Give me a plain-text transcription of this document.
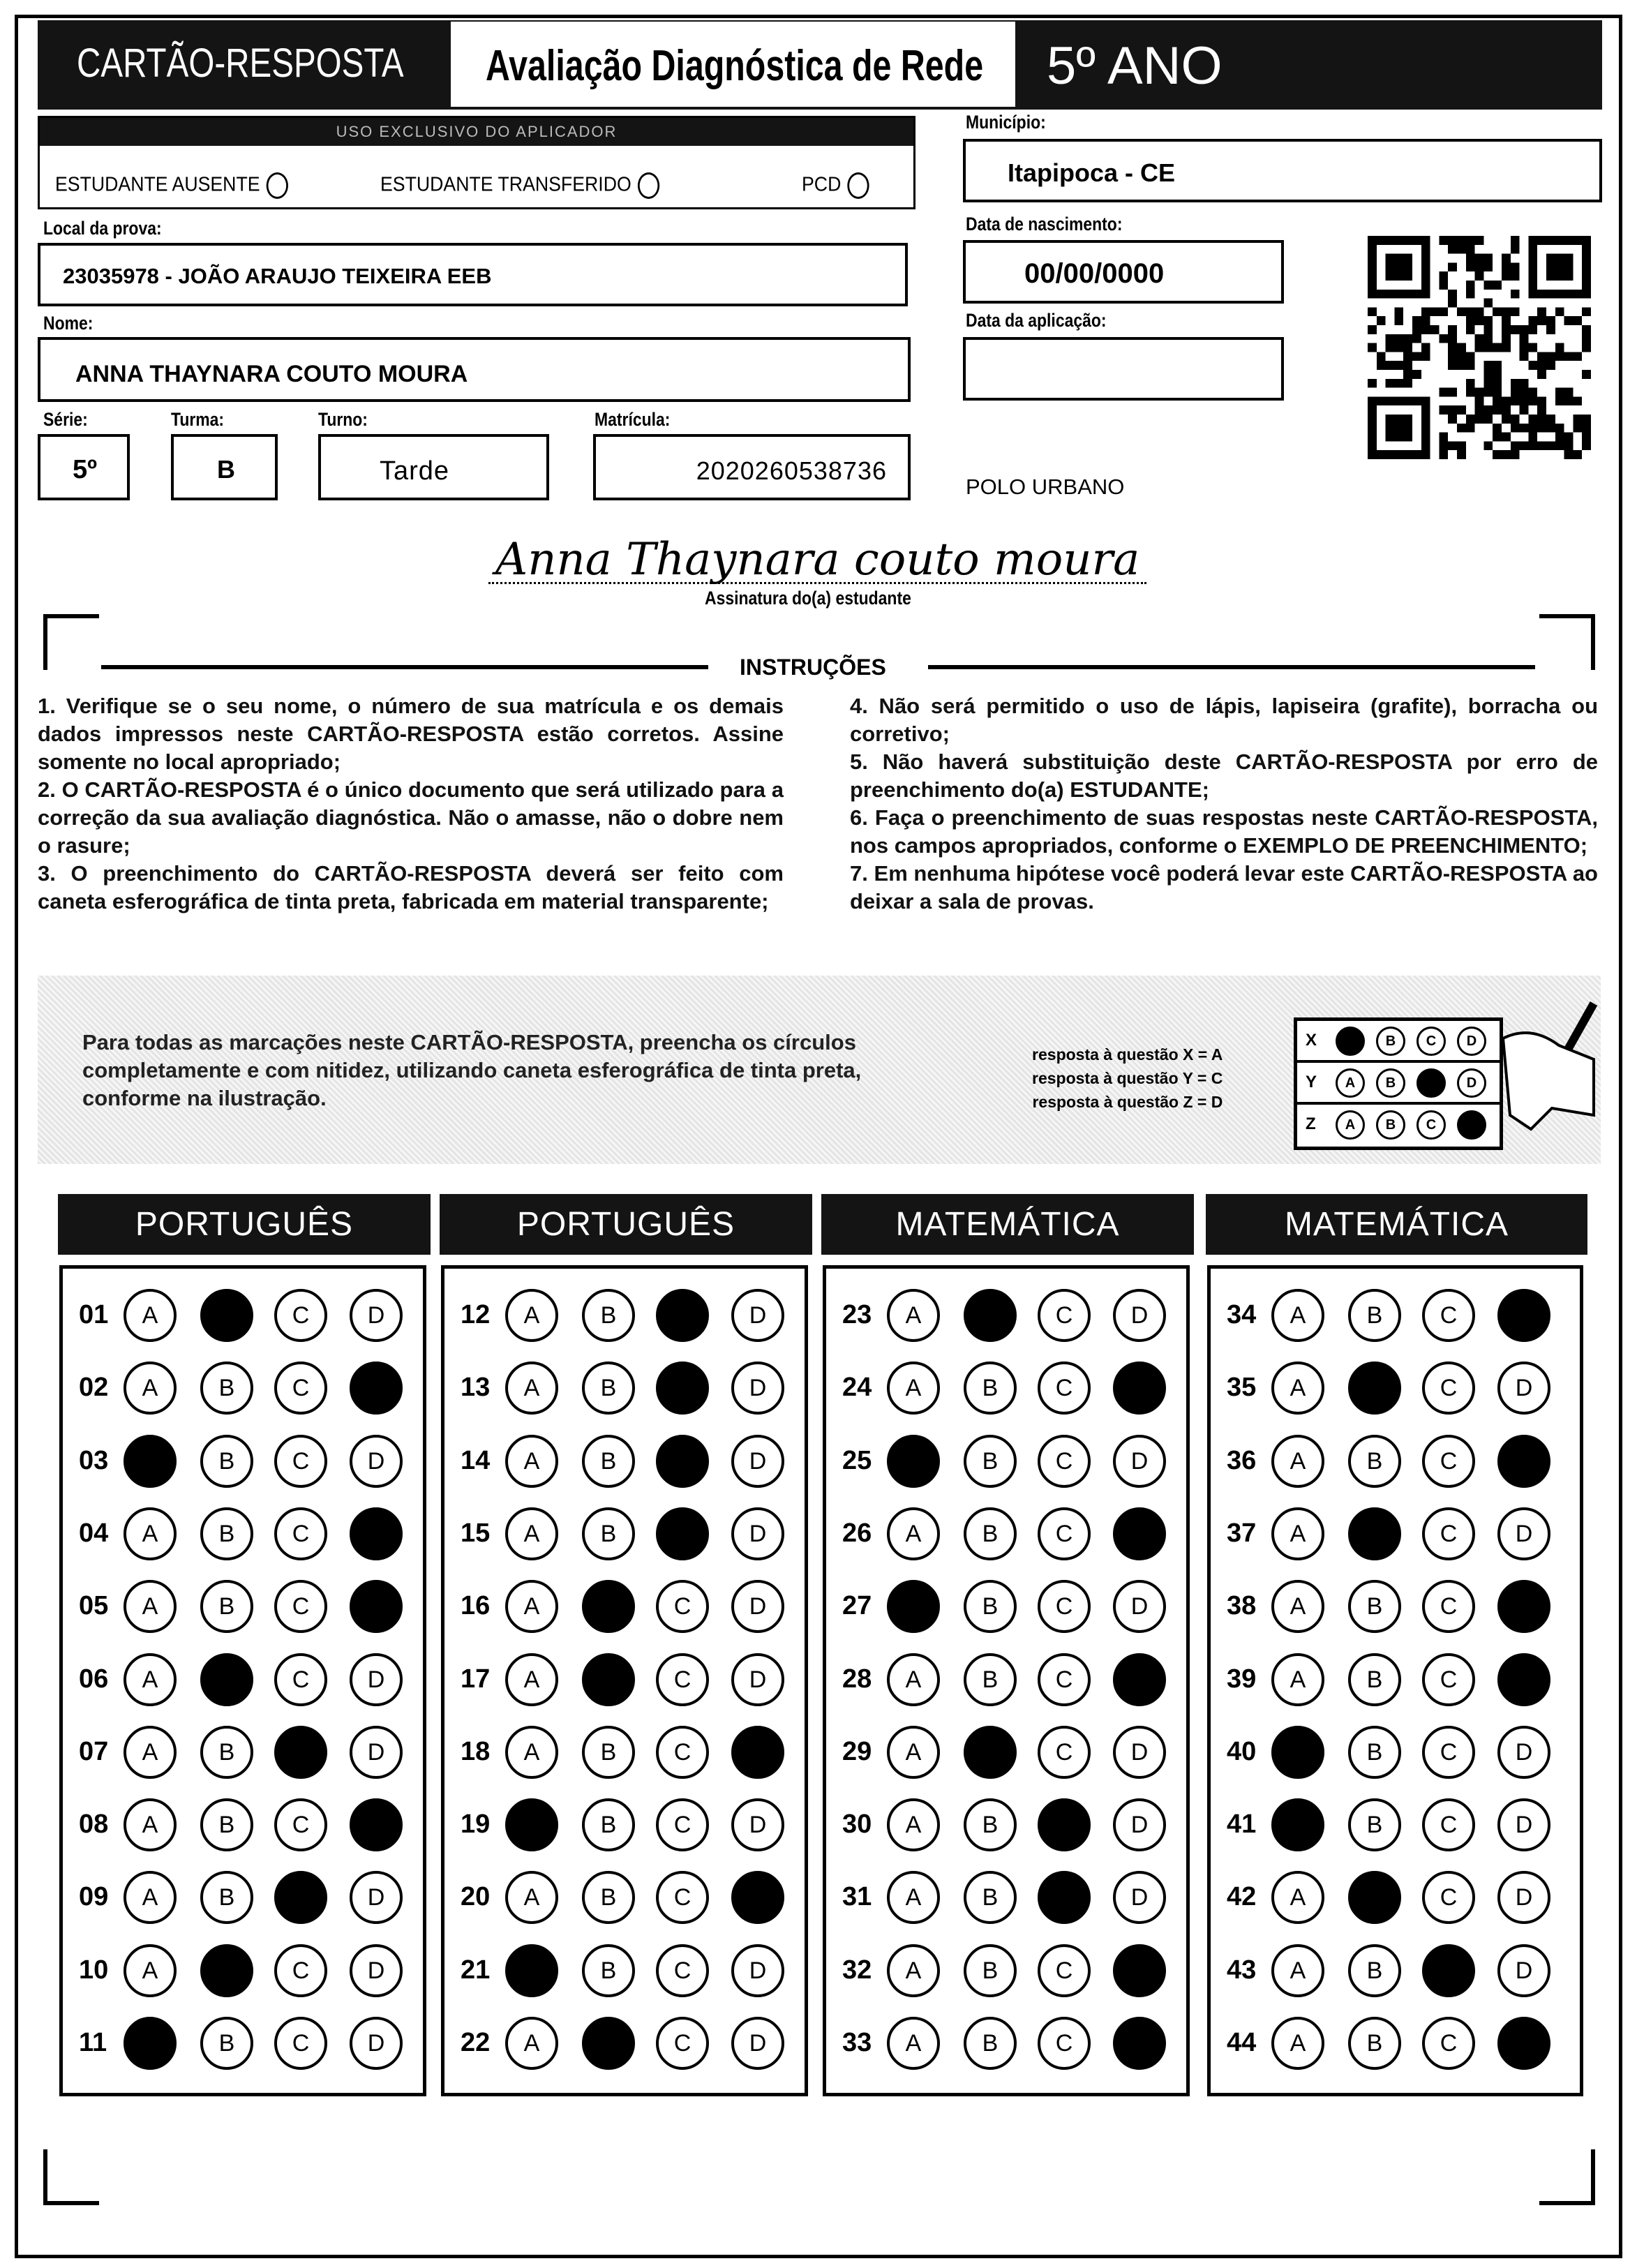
CARTÃO-RESPOSTA Avaliação Diagnóstica de Rede 5º ANO
USO EXCLUSIVO DO APLICADOR
ESTUDANTE AUSENTE	ESTUDANTE TRANSFERIDO	PCD
Município:
Itapipoca - CE
Local da prova:
23035978 - JOÃO ARAUJO TEIXEIRA EEB
Data de nascimento:
00/00/0000
Nome:
ANNA THAYNARA COUTO MOURA
Data da aplicação:
Série:	Turma:	Turno:	Matrícula:
5º	B	Tarde	2020260538736
POLO URBANO
Anna Thaynara couto moura
Assinatura do(a) estudante
INSTRUÇÕES
1. Verifique se o seu nome, o número de sua matrícula e os demais dados impressos neste CARTÃO-RESPOSTA estão corretos. Assine somente no local apropriado;
2. O CARTÃO-RESPOSTA é o único documento que será utilizado para a correção da sua avaliação diagnóstica. Não o amasse, não o dobre nem o rasure;
3. O preenchimento do CARTÃO-RESPOSTA deverá ser feito com caneta esferográfica de tinta preta, fabricada em material transparente;
4. Não será permitido o uso de lápis, lapiseira (grafite), borracha ou corretivo;
5. Não haverá substituição deste CARTÃO-RESPOSTA por erro de preenchimento do(a) ESTUDANTE;
6. Faça o preenchimento de suas respostas neste CARTÃO-RESPOSTA, nos campos apropriados, conforme o EXEMPLO DE PREENCHIMENTO;
7. Em nenhuma hipótese você poderá levar este CARTÃO-RESPOSTA ao deixar a sala de provas.
Para todas as marcações neste CARTÃO-RESPOSTA, preencha os círculos completamente e com nitidez, utilizando caneta esferográfica de tinta preta, conforme na ilustração.
resposta à questão X = A
resposta à questão Y = C
resposta à questão Z = D
X	A	B	C	D
Y	A	B	C	D
Z	A	B	C	D
PORTUGUÊS
01	A	B	C	D
02	A	B	C	D
03	A	B	C	D
04	A	B	C	D
05	A	B	C	D
06	A	B	C	D
07	A	B	C	D
08	A	B	C	D
09	A	B	C	D
10	A	B	C	D
11	A	B	C	D
PORTUGUÊS
12	A	B	C	D
13	A	B	C	D
14	A	B	C	D
15	A	B	C	D
16	A	B	C	D
17	A	B	C	D
18	A	B	C	D
19	A	B	C	D
20	A	B	C	D
21	A	B	C	D
22	A	B	C	D
MATEMÁTICA
23	A	B	C	D
24	A	B	C	D
25	A	B	C	D
26	A	B	C	D
27	A	B	C	D
28	A	B	C	D
29	A	B	C	D
30	A	B	C	D
31	A	B	C	D
32	A	B	C	D
33	A	B	C	D
MATEMÁTICA
34	A	B	C	D
35	A	B	C	D
36	A	B	C	D
37	A	B	C	D
38	A	B	C	D
39	A	B	C	D
40	A	B	C	D
41	A	B	C	D
42	A	B	C	D
43	A	B	C	D
44	A	B	C	D
